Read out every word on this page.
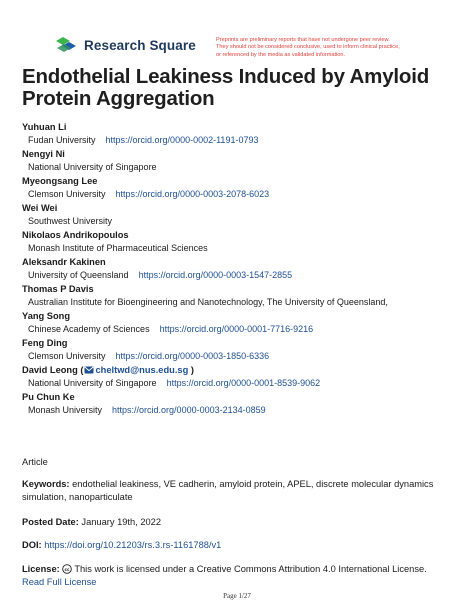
Research Square	Preprints are preliminary reports that have not undergone peer review.
They should not be considered conclusive, used to inform clinical practice,
or referenced by the media as validated information.
Endothelial Leakiness Induced by Amyloid Protein Aggregation
Yuhuan Li
Fudan University https://orcid.org/0000-0002-1191-0793
Nengyi Ni
National University of Singapore
Myeongsang Lee
Clemson University https://orcid.org/0000-0003-2078-6023
Wei Wei
Southwest University
Nikolaos Andrikopoulos
Monash Institute of Pharmaceutical Sciences
Aleksandr Kakinen
University of Queensland https://orcid.org/0000-0003-1547-2855
Thomas P Davis
Australian Institute for Bioengineering and Nanotechnology, The University of Queensland,
Yang Song
Chinese Academy of Sciences https://orcid.org/0000-0001-7716-9216
Feng Ding
Clemson University https://orcid.org/0000-0003-1850-6336
David Leong ( cheltwd@nus.edu.sg )
National University of Singapore https://orcid.org/0000-0001-8539-9062
Pu Chun Ke
Monash University https://orcid.org/0000-0003-2134-0859
Article
Keywords: endothelial leakiness, VE cadherin, amyloid protein, APEL, discrete molecular dynamics simulation, nanoparticulate
Posted Date: January 19th, 2022
DOI: https://doi.org/10.21203/rs.3.rs-1161788/v1
License: cc This work is licensed under a Creative Commons Attribution 4.0 International License.
Read Full License
Page 1/27
